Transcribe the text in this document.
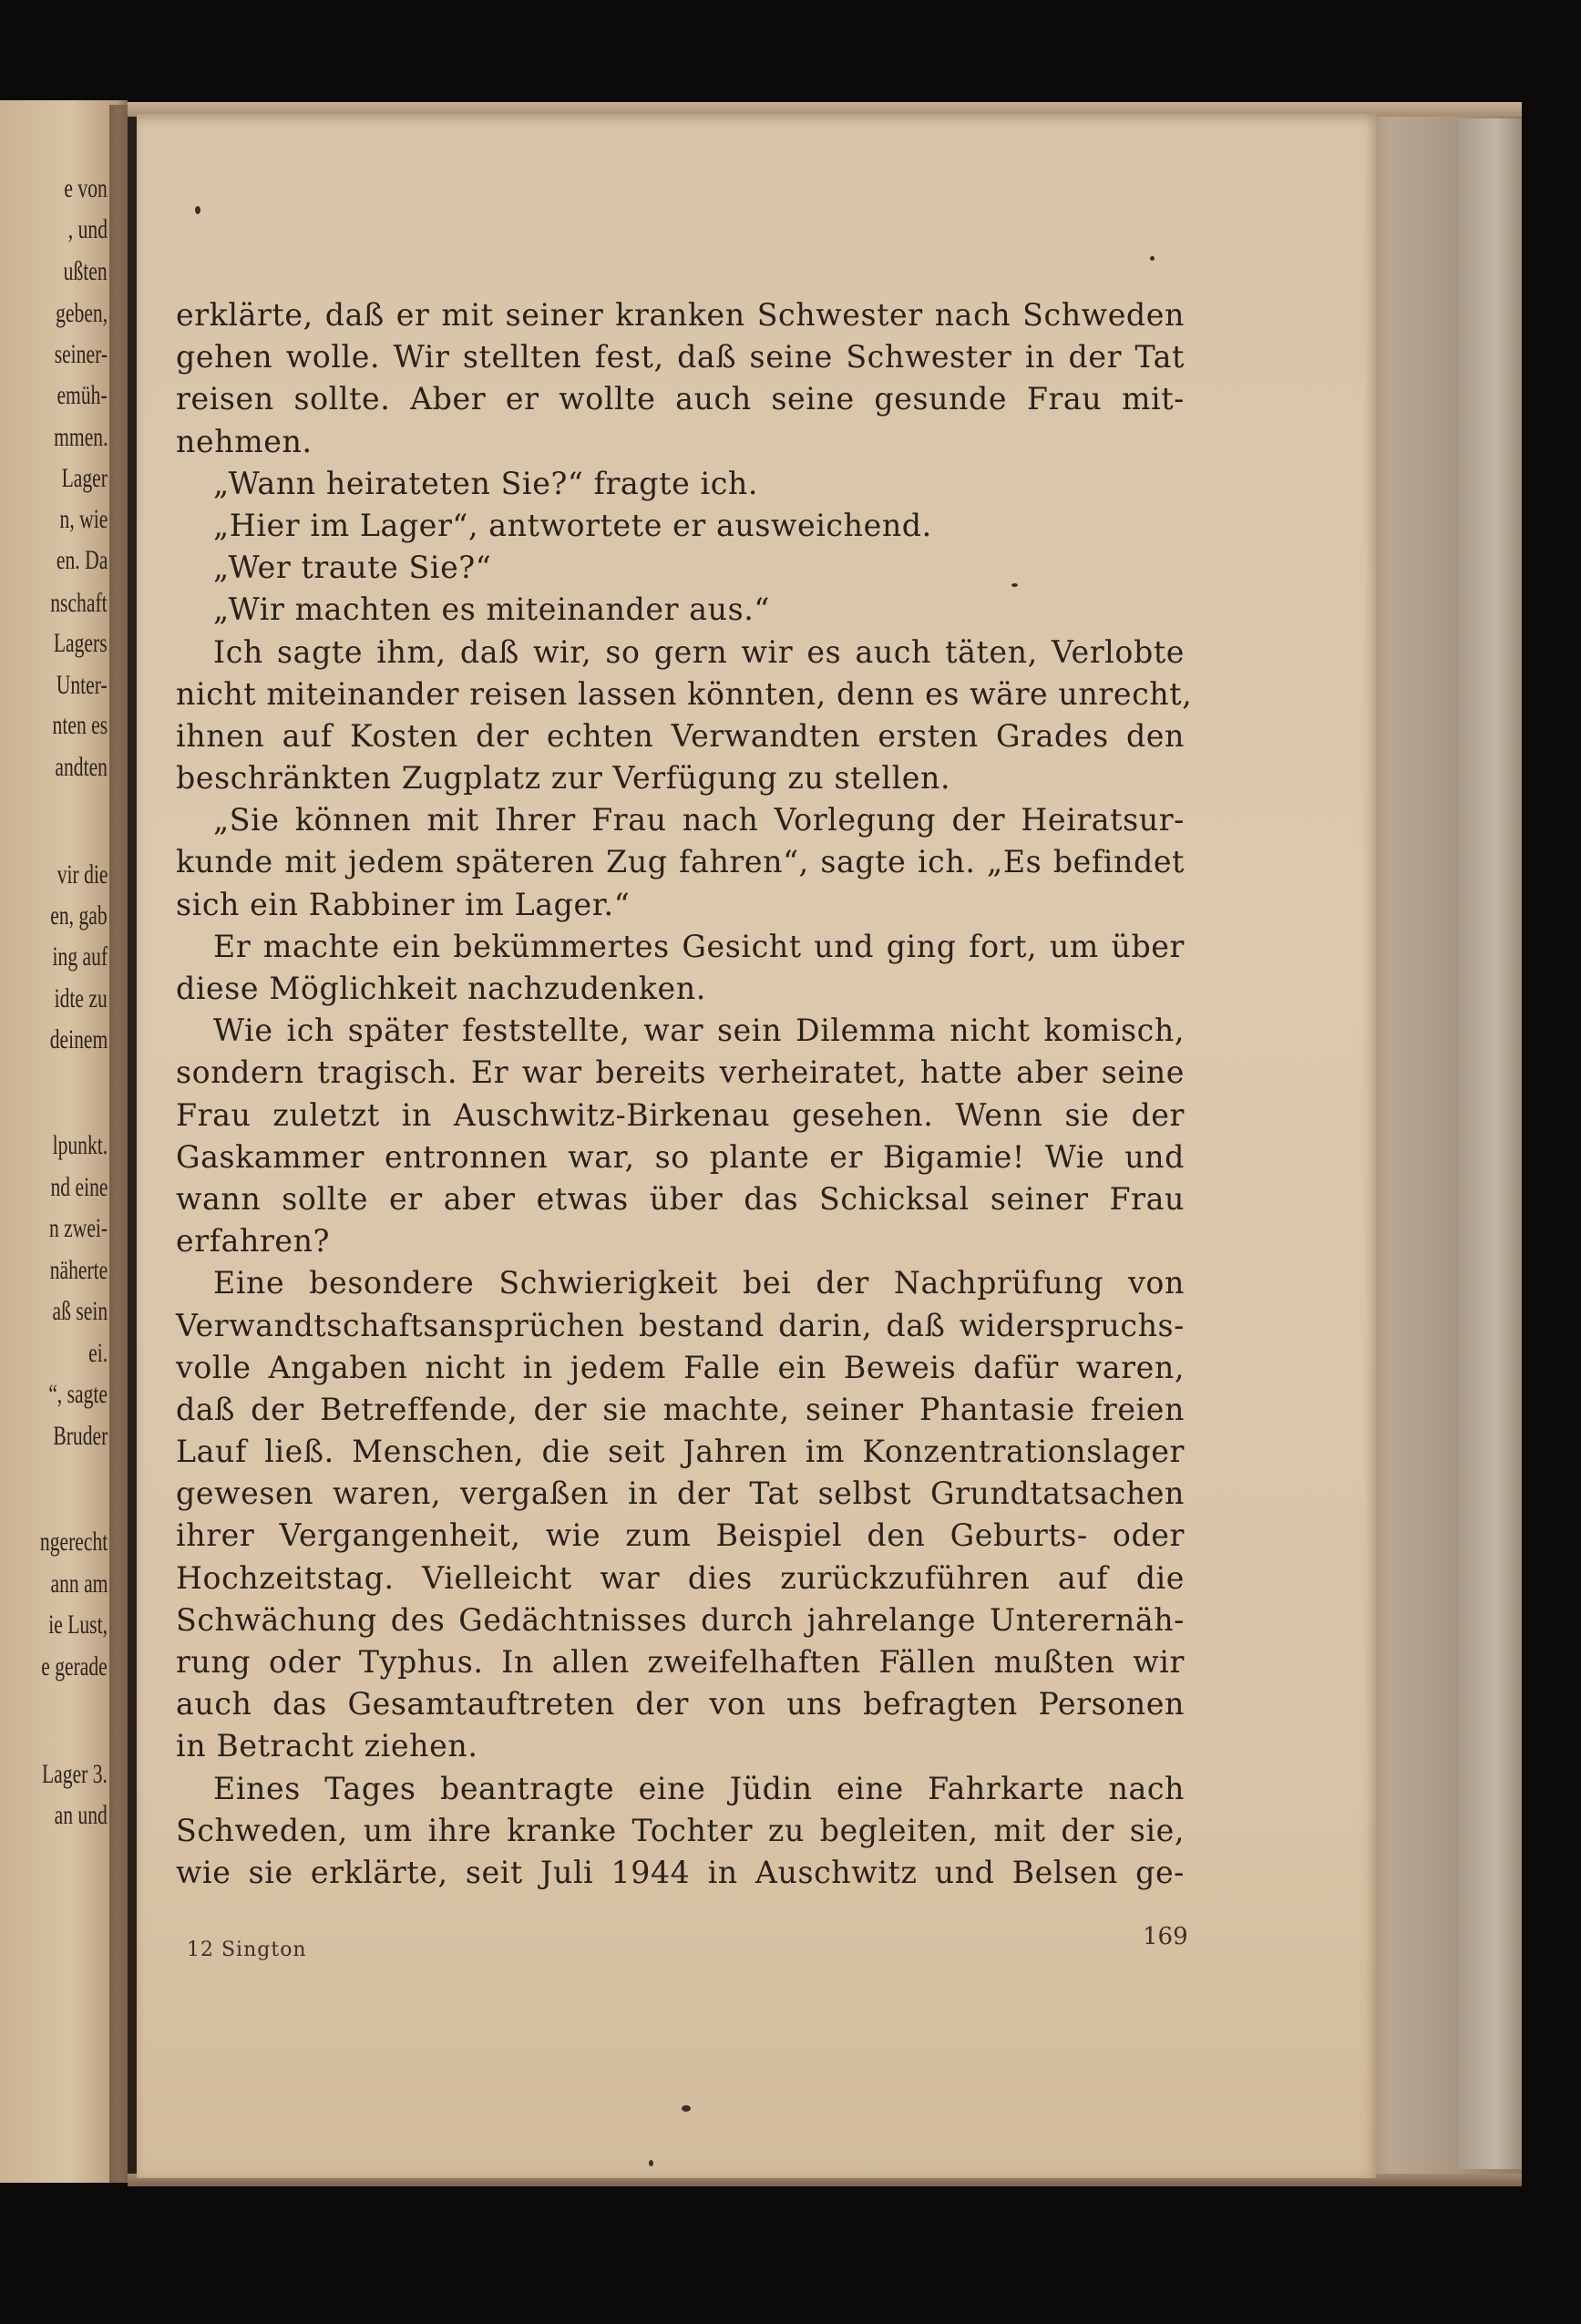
e von
, und
ußten
geben,
seiner-
emüh-
mmen.
Lager
n, wie
en. Da
nschaft
Lagers
Unter-
nten es
andten
vir die
en, gab
ing auf
idte zu
deinem
lpunkt.
nd eine
n zwei-
näherte
aß sein
ei.
“, sagte
Bruder
ngerecht
ann am
ie Lust,
e gerade
Lager 3.
an und
erklärte, daß er mit seiner kranken Schwester nach Schweden
gehen wolle. Wir stellten fest, daß seine Schwester in der Tat
reisen sollte. Aber er wollte auch seine gesunde Frau mit-
nehmen.
„Wann heirateten Sie?“ fragte ich.
„Hier im Lager“, antwortete er ausweichend.
„Wer traute Sie?“
„Wir machten es miteinander aus.“
Ich sagte ihm, daß wir, so gern wir es auch täten, Verlobte
nicht miteinander reisen lassen könnten, denn es wäre unrecht,
ihnen auf Kosten der echten Verwandten ersten Grades den
beschränkten Zugplatz zur Verfügung zu stellen.
„Sie können mit Ihrer Frau nach Vorlegung der Heiratsur-
kunde mit jedem späteren Zug fahren“, sagte ich. „Es befindet
sich ein Rabbiner im Lager.“
Er machte ein bekümmertes Gesicht und ging fort, um über
diese Möglichkeit nachzudenken.
Wie ich später feststellte, war sein Dilemma nicht komisch,
sondern tragisch. Er war bereits verheiratet, hatte aber seine
Frau zuletzt in Auschwitz-Birkenau gesehen. Wenn sie der
Gaskammer entronnen war, so plante er Bigamie! Wie und
wann sollte er aber etwas über das Schicksal seiner Frau
erfahren?
Eine besondere Schwierigkeit bei der Nachprüfung von
Verwandtschaftsansprüchen bestand darin, daß widerspruchs-
volle Angaben nicht in jedem Falle ein Beweis dafür waren,
daß der Betreffende, der sie machte, seiner Phantasie freien
Lauf ließ. Menschen, die seit Jahren im Konzentrationslager
gewesen waren, vergaßen in der Tat selbst Grundtatsachen
ihrer Vergangenheit, wie zum Beispiel den Geburts- oder
Hochzeitstag. Vielleicht war dies zurückzuführen auf die
Schwächung des Gedächtnisses durch jahrelange Unterernäh-
rung oder Typhus. In allen zweifelhaften Fällen mußten wir
auch das Gesamtauftreten der von uns befragten Personen
in Betracht ziehen.
Eines Tages beantragte eine Jüdin eine Fahrkarte nach
Schweden, um ihre kranke Tochter zu begleiten, mit der sie,
wie sie erklärte, seit Juli 1944 in Auschwitz und Belsen ge-
12 Sington	169
